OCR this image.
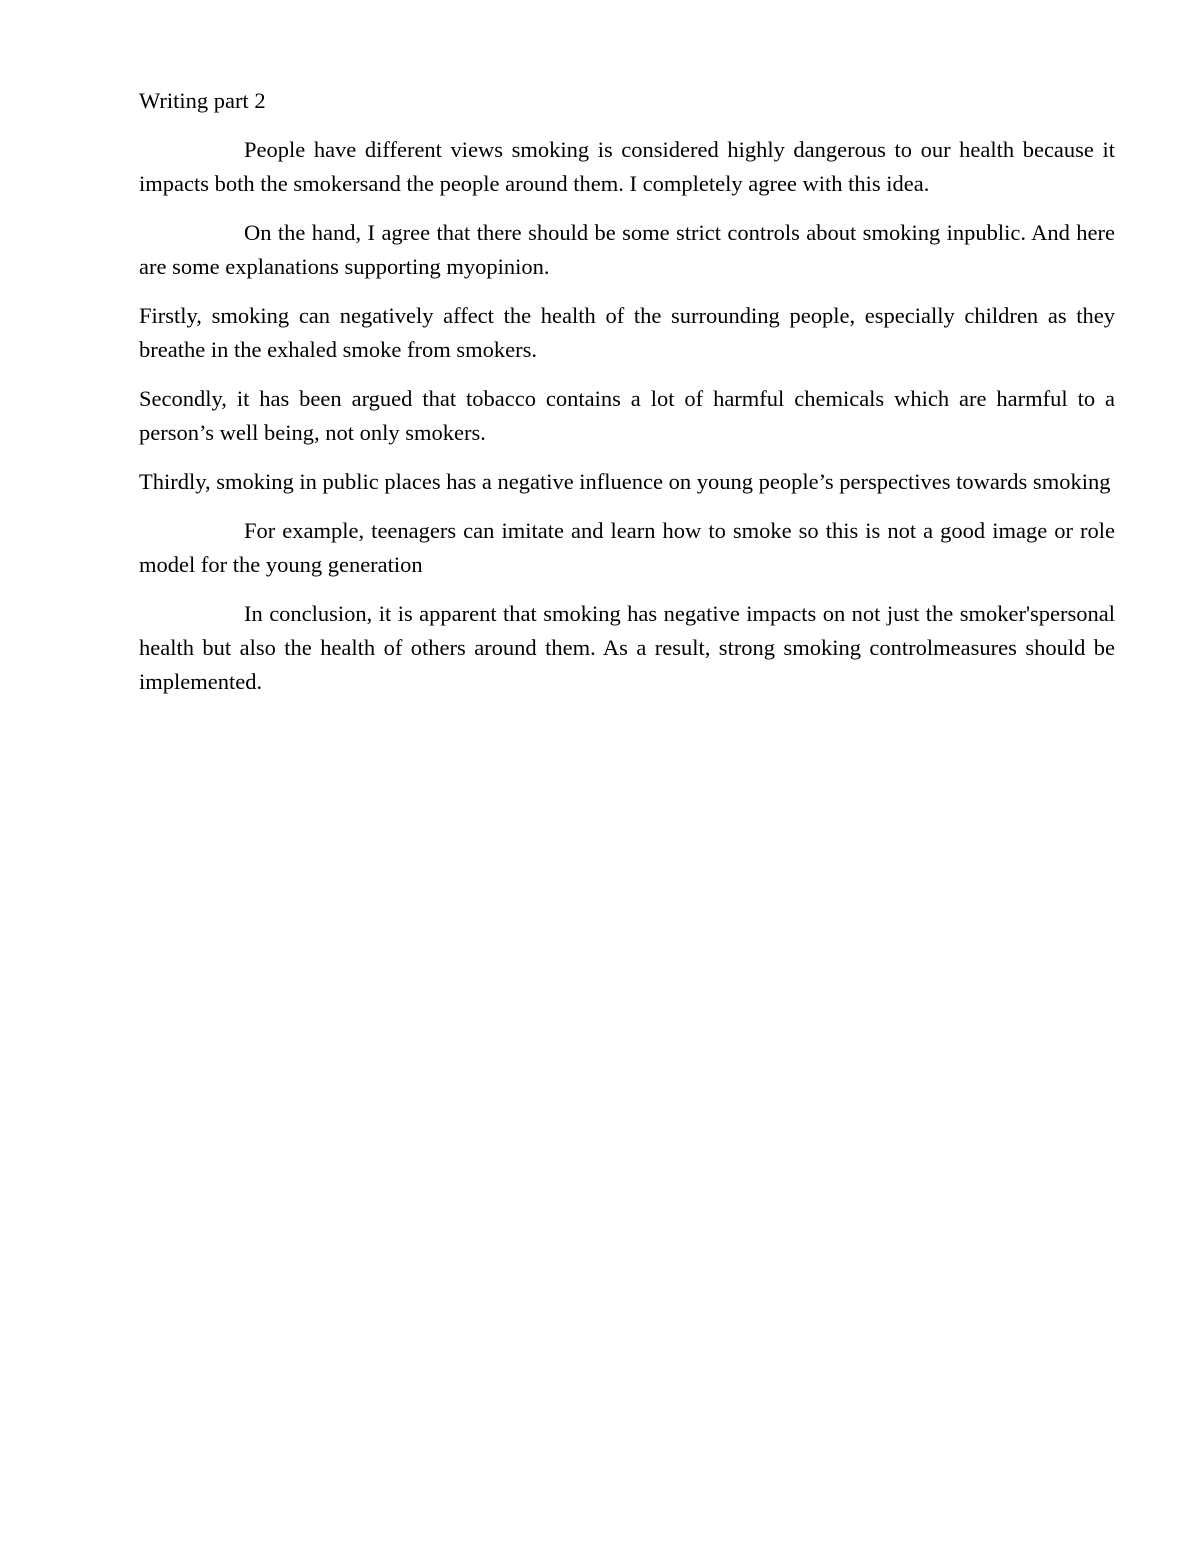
Writing part 2

People have different views smoking is considered highly dangerous to our health because it impacts both the smokersand the people around them. I completely agree with this idea.

On the hand, I agree that there should be some strict controls about smoking inpublic. And here are some explanations supporting myopinion.

Firstly, smoking can negatively affect the health of the surrounding people, especially children as they breathe in the exhaled smoke from smokers.

Secondly, it has been argued that tobacco contains a lot of harmful chemicals which are harmful to a person’s well being, not only smokers.

Thirdly, smoking in public places has a negative influence on young people’s perspectives towards smoking

For example, teenagers can imitate and learn how to smoke so this is not a good image or role model for the young generation

In conclusion, it is apparent that smoking has negative impacts on not just the smoker'spersonal health but also the health of others around them. As a result, strong smoking controlmeasures should be implemented.
